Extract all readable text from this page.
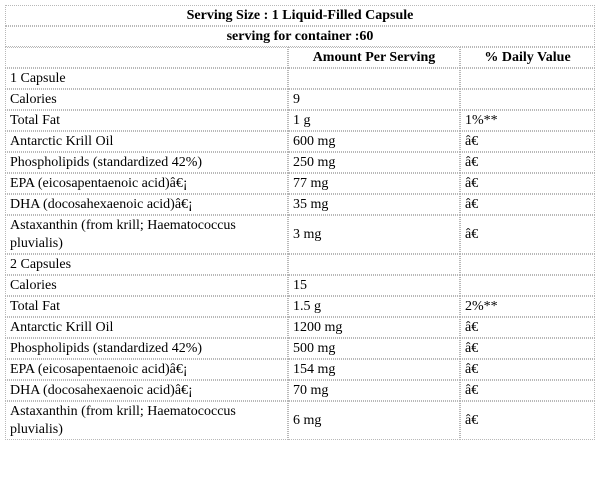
Serving Size : 1 Liquid-Filled Capsule		
serving for container :60		
	Amount Per Serving	% Daily Value
1 Capsule		
Calories	9	
Total Fat	1 g	1%**
Antarctic Krill Oil	600 mg	â€
Phospholipids (standardized 42%)	250 mg	â€
EPA (eicosapentaenoic acid)â€¡	77 mg	â€
DHA (docosahexaenoic acid)â€¡	35 mg	â€
Astaxanthin (from krill; Haematococcus pluvialis)	3 mg	â€
2 Capsules		
Calories	15	
Total Fat	1.5 g	2%**
Antarctic Krill Oil	1200 mg	â€
Phospholipids (standardized 42%)	500 mg	â€
EPA (eicosapentaenoic acid)â€¡	154 mg	â€
DHA (docosahexaenoic acid)â€¡	70 mg	â€
Astaxanthin (from krill; Haematococcus pluvialis)	6 mg	â€
